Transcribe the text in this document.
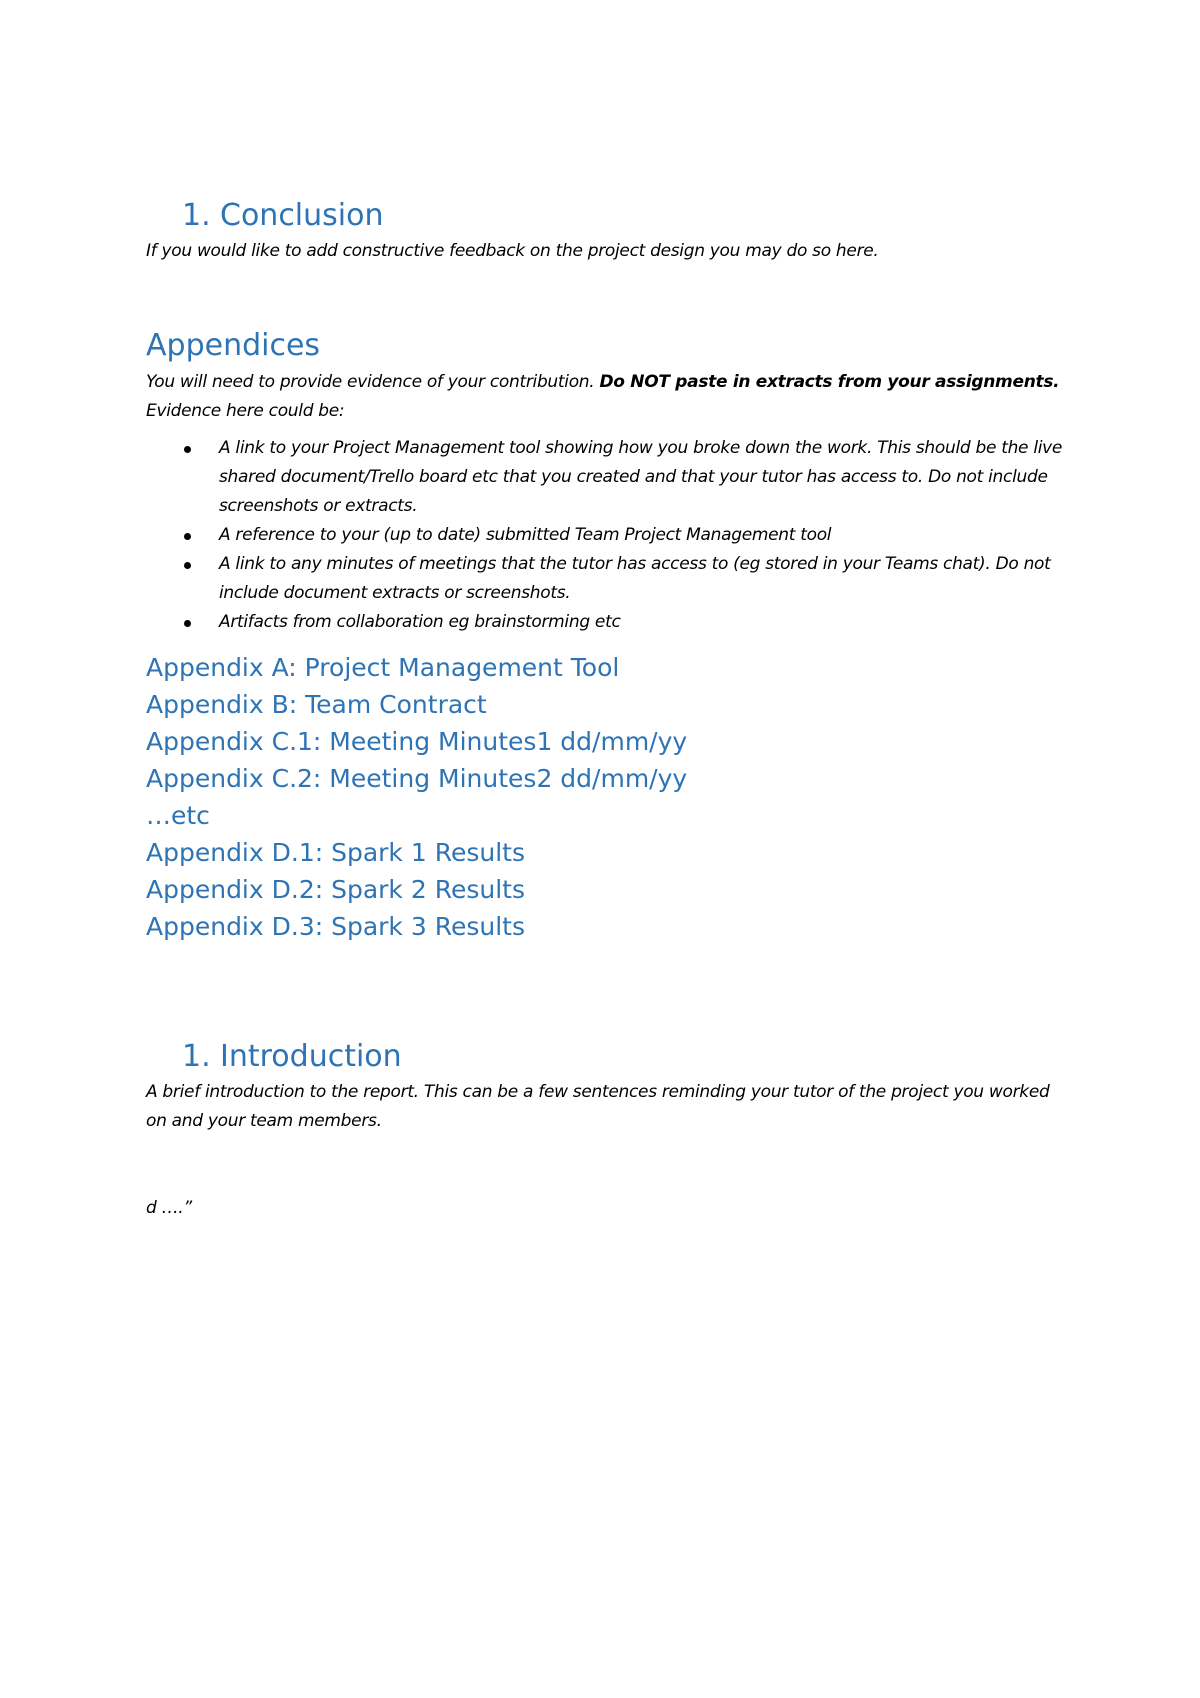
1. Conclusion

If you would like to add constructive feedback on the project design you may do so here.

Appendices

You will need to provide evidence of your contribution. Do NOT paste in extracts from your assignments. Evidence here could be:

A link to your Project Management tool showing how you broke down the work. This should be the live shared document/Trello board etc that you created and that your tutor has access to. Do not include screenshots or extracts.
A reference to your (up to date) submitted Team Project Management tool
A link to any minutes of meetings that the tutor has access to (eg stored in your Teams chat). Do not include document extracts or screenshots.
Artifacts from collaboration eg brainstorming etc

Appendix A: Project Management Tool

Appendix B: Team Contract

Appendix C.1: Meeting Minutes1 dd/mm/yy

Appendix C.2: Meeting Minutes2 dd/mm/yy

…etc

Appendix D.1: Spark 1 Results

Appendix D.2: Spark 2 Results

Appendix D.3: Spark 3 Results

1. Introduction

A brief introduction to the report. This can be a few sentences reminding your tutor of the project you worked on and your team members.

d ….”
